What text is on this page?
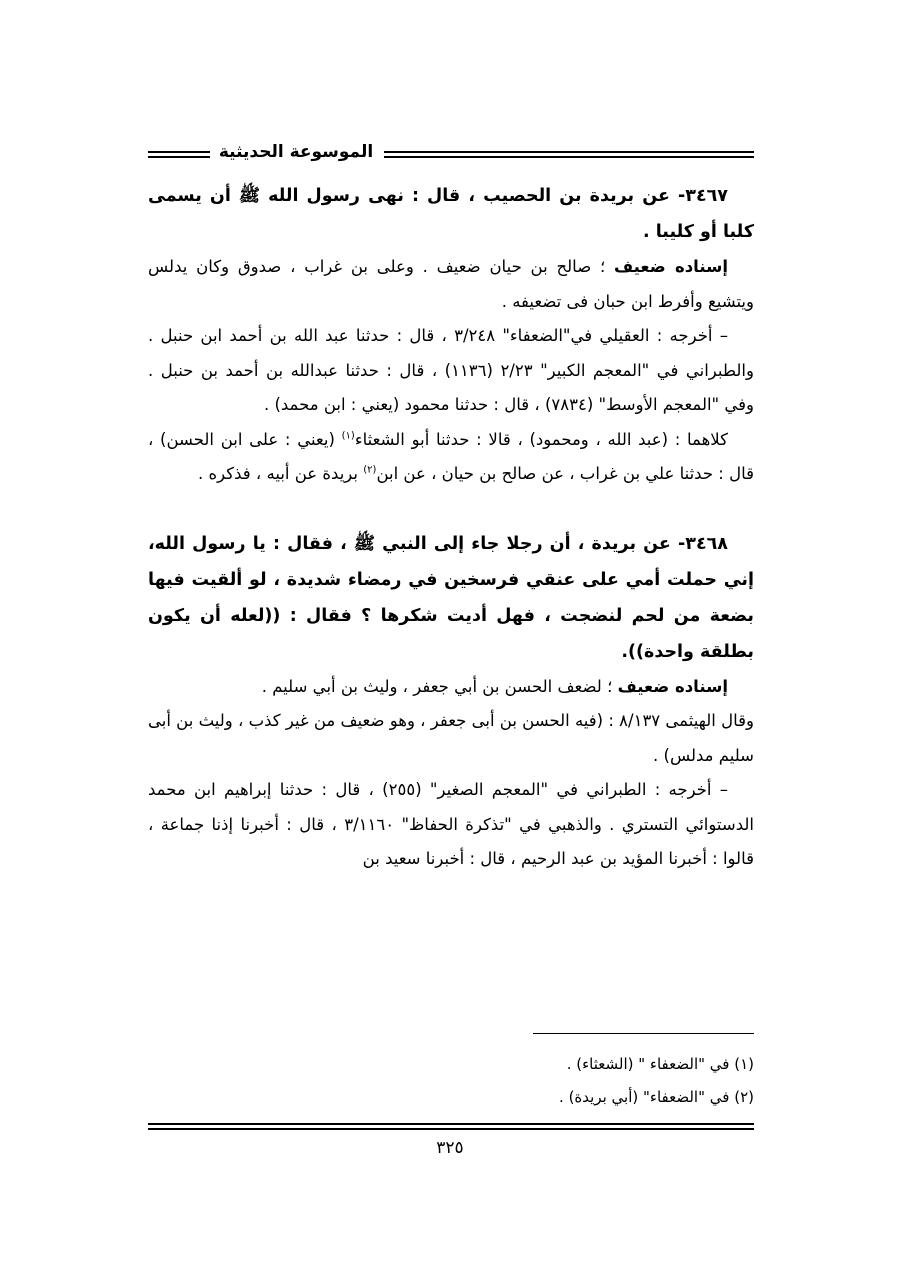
الموسوعة الحديثية

٣٤٦٧- عن بريدة بن الحصيب ، قال : نهى رسول الله ﷺ أن يسمى كلبا أو كليبا .

إسناده ضعيف ؛ صالح بن حيان ضعيف . وعلى بن غراب ، صدوق وكان يدلس ويتشيع وأفرط ابن حبان فى تضعيفه .

– أخرجه : العقيلي في"الضعفاء" ٣/٢٤٨ ، قال : حدثنا عبد الله بن أحمد ابن حنبل . والطبراني في "المعجم الكبير" ٢/٢٣ (١١٣٦) ، قال : حدثنا عبدالله بن أحمد بن حنبل . وفي "المعجم الأوسط" (٧٨٣٤) ، قال : حدثنا محمود (يعني : ابن محمد) .

كلاهما : (عبد الله ، ومحمود) ، قالا : حدثنا أبو الشعثاء$^{(١)}$ (يعني : على ابن الحسن) ، قال : حدثنا علي بن غراب ، عن صالح بن حيان ، عن ابن$^{(٢)}$ بريدة عن أبيه ، فذكره .

٣٤٦٨- عن بريدة ، أن رجلا جاء إلى النبي ﷺ ، فقال : يا رسول الله، إني حملت أمي على عنقي فرسخين في رمضاء شديدة ، لو ألقيت فيها بضعة من لحم لنضجت ، فهل أديت شكرها ؟ فقال : ((لعله أن يكون بطلقة واحدة)).

إسناده ضعيف ؛ لضعف الحسن بن أبي جعفر ، وليث بن أبي سليم .

وقال الهيثمى ٨/١٣٧ : (فيه الحسن بن أبى جعفر ، وهو ضعيف من غير كذب ، وليث بن أبى سليم مدلس) .

– أخرجه : الطبراني في "المعجم الصغير" (٢٥٥) ، قال : حدثنا إبراهيم ابن محمد الدستوائي التستري . والذهبي في "تذكرة الحفاظ" ٣/١١٦٠ ، قال : أخبرنا إذنا جماعة ، قالوا : أخبرنا المؤيد بن عبد الرحيم ، قال : أخبرنا سعيد بن

(١) في "الضعفاء " (الشعثاء) .
(٢) في "الضعفاء" (أبي بريدة) .
٣٢٥
